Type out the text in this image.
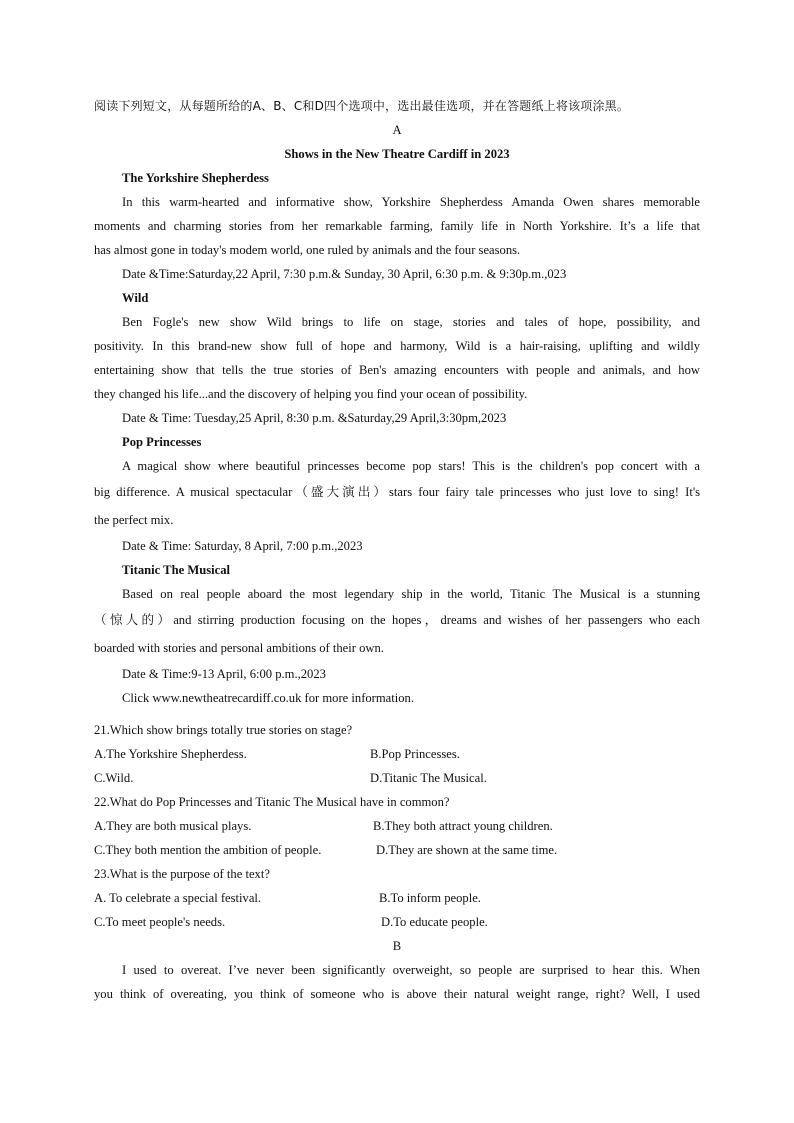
阅读下列短文，从每题所给的A、B、C和D四个选项中，选出最佳选项，并在答题纸上将该项涂黑。
A
Shows in the New Theatre Cardiff in 2023
The Yorkshire Shepherdess
In this warm-hearted and informative show, Yorkshire Shepherdess Amanda Owen shares memorable
moments and charming stories from her remarkable farming, family life in North Yorkshire. It’s a life that
has almost gone in today's modem world, one ruled by animals and the four seasons.
Date &Time:Saturday,22 April, 7:30 p.m.& Sunday, 30 April, 6:30 p.m. & 9:30p.m.,023
Wild
Ben Fogle's new show Wild brings to life on stage, stories and tales of hope, possibility, and
positivity. In this brand-new show full of hope and harmony, Wild is a hair-raising, uplifting and wildly
entertaining show that tells the true stories of Ben's amazing encounters with people and animals, and how
they changed his life...and the discovery of helping you find your ocean of possibility.
Date & Time: Tuesday,25 April, 8:30 p.m. &Saturday,29 April,3:30pm,2023
Pop Princesses
A magical show where beautiful princesses become pop stars! This is the children's pop concert with a
big difference. A musical spectacular（盛大演出）stars four fairy tale princesses who just love to sing! It's
the perfect mix.
Date & Time: Saturday, 8 April, 7:00 p.m.,2023
Titanic The Musical
Based on real people aboard the most legendary ship in the world, Titanic The Musical is a stunning
（惊人的）and stirring production focusing on the hopes，dreams and wishes of her passengers who each
boarded with stories and personal ambitions of their own.
Date & Time:9-13 April, 6:00 p.m.,2023
Click www.newtheatrecardiff.co.uk for more information.
21.Which show brings totally true stories on stage?
A.The Yorkshire Shepherdess.	B.Pop Princesses.
C.Wild.	D.Titanic The Musical.
22.What do Pop Princesses and Titanic The Musical have in common?
A.They are both musical plays.	B.They both attract young children.
C.They both mention the ambition of people.	D.They are shown at the same time.
23.What is the purpose of the text?
A. To celebrate a special festival.	B.To inform people.
C.To meet people's needs.	D.To educate people.
B
I used to overeat. I’ve never been significantly overweight, so people are surprised to hear this. When
you think of overeating, you think of someone who is above their natural weight range, right? Well, I used
